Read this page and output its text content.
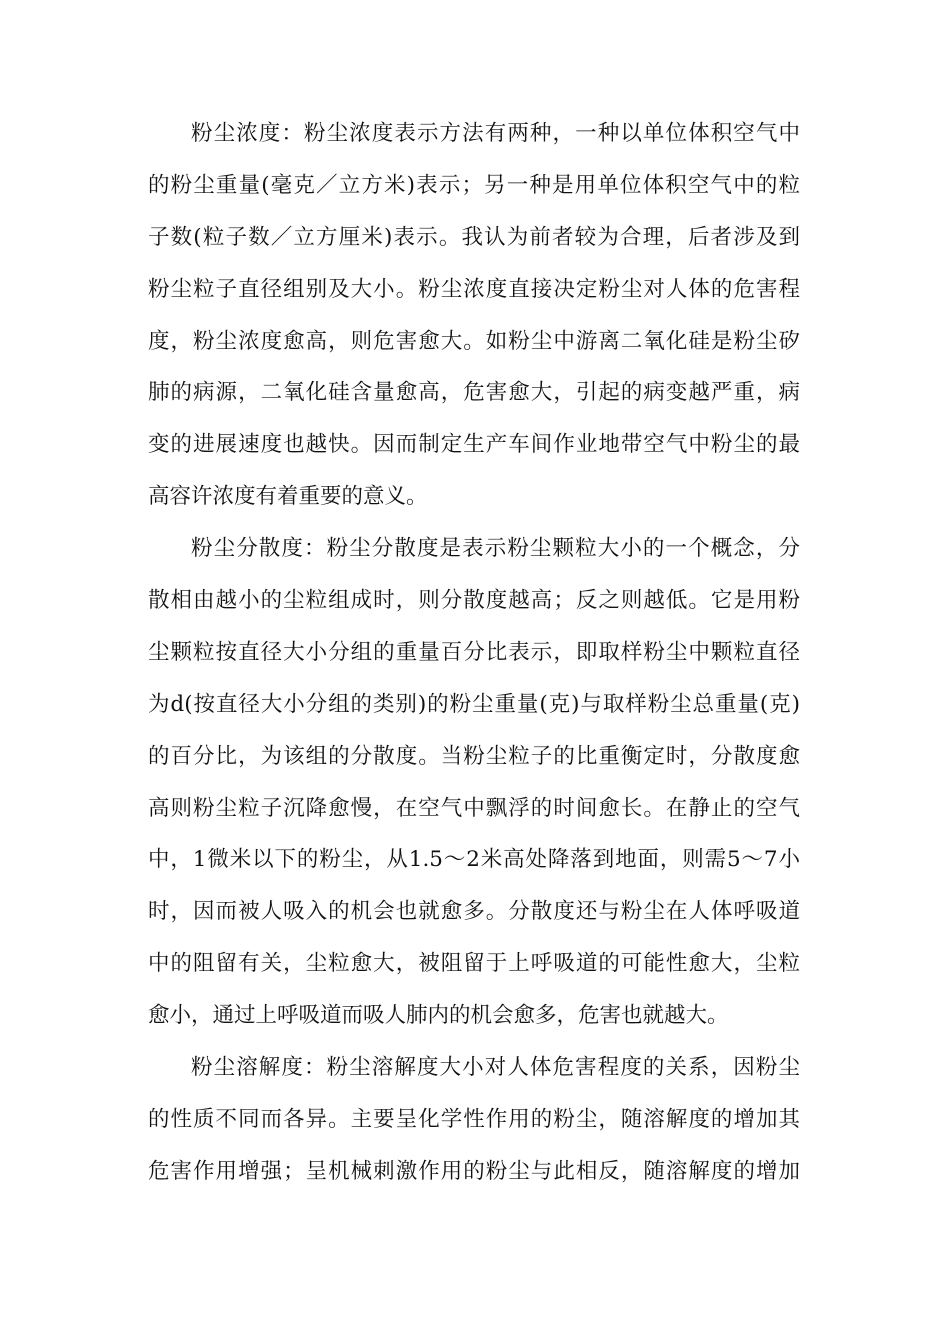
粉尘浓度：粉尘浓度表示方法有两种，一种以单位体积空气中
的粉尘重量(毫克／立方米)表示；另一种是用单位体积空气中的粒
子数(粒子数／立方厘米)表示。我认为前者较为合理，后者涉及到
粉尘粒子直径组别及大小。粉尘浓度直接决定粉尘对人体的危害程
度，粉尘浓度愈高，则危害愈大。如粉尘中游离二氧化硅是粉尘矽
肺的病源，二氧化硅含量愈高，危害愈大，引起的病变越严重，病
变的进展速度也越快。因而制定生产车间作业地带空气中粉尘的最
高容许浓度有着重要的意义。
粉尘分散度：粉尘分散度是表示粉尘颗粒大小的一个概念，分
散相由越小的尘粒组成时，则分散度越高；反之则越低。它是用粉
尘颗粒按直径大小分组的重量百分比表示，即取样粉尘中颗粒直径
为d(按直径大小分组的类别)的粉尘重量(克)与取样粉尘总重量(克)
的百分比，为该组的分散度。当粉尘粒子的比重衡定时，分散度愈
高则粉尘粒子沉降愈慢，在空气中飘浮的时间愈长。在静止的空气
中，1微米以下的粉尘，从1.5～2米高处降落到地面，则需5～7小
时，因而被人吸入的机会也就愈多。分散度还与粉尘在人体呼吸道
中的阻留有关，尘粒愈大，被阻留于上呼吸道的可能性愈大，尘粒
愈小，通过上呼吸道而吸人肺内的机会愈多，危害也就越大。
粉尘溶解度：粉尘溶解度大小对人体危害程度的关系，因粉尘
的性质不同而各异。主要呈化学性作用的粉尘，随溶解度的增加其
危害作用增强；呈机械刺激作用的粉尘与此相反，随溶解度的增加
